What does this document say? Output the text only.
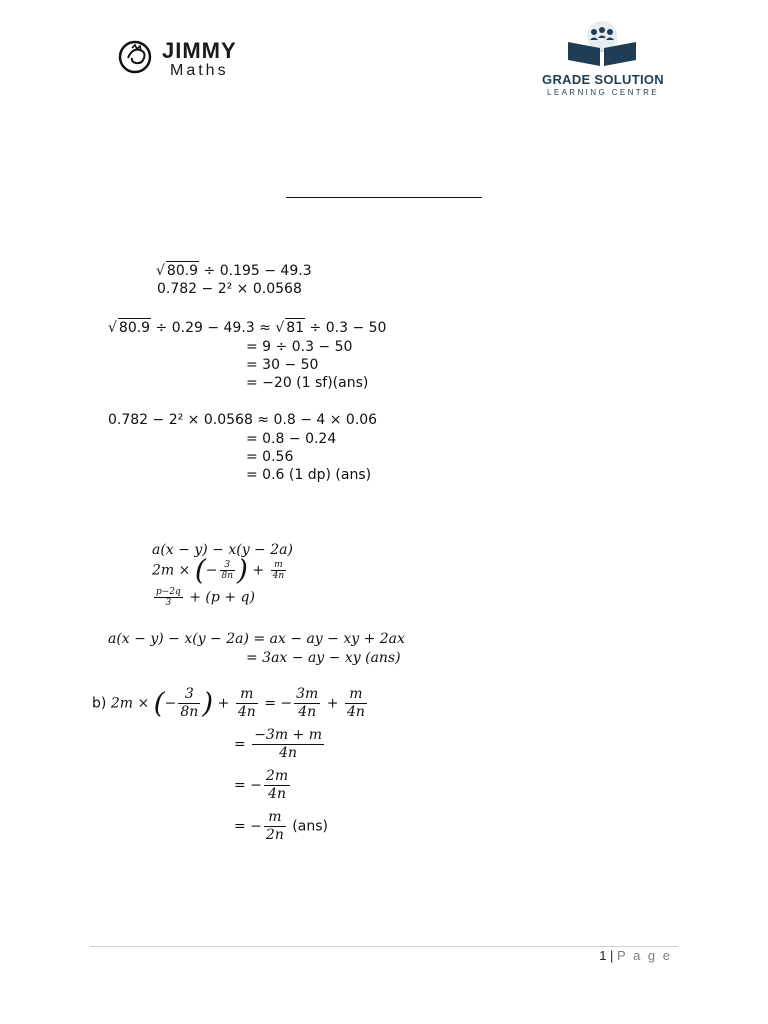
JIMMY
Maths
GRADE SOLUTION
LEARNING CENTRE
√ 80.9 ÷ 0.195 − 49.3
0.782 − 2² × 0.0568
√ 80.9 ÷ 0.29 − 49.3 ≈ √ 81 ÷ 0.3 − 50
= 9 ÷ 0.3 − 50
= 30 − 50
= −20 (1 sf)(ans)
0.782 − 2² × 0.0568 ≈ 0.8 − 4 × 0.06
= 0.8 − 0.24
= 0.56
= 0.6 (1 dp) (ans)
a(x − y) − x(y − 2a)
2m × (− $\frac{3}{8n}$ ) + $\frac{m}{4n}$
$\frac{p-2q}{3} + (p + q)$
a(x − y) − x(y − 2a) = ax − ay − xy + 2ax
= 3ax − ay − xy (ans)
b) 2m × (− $\frac{3}{8n}$ ) + $\frac{m}{4n}$ = − $\frac{3m}{4n} + \frac{m}{4n}$
= $\frac{-3m + m}{4n}$
= − $\frac{2m}{4n}$
= − $\frac{m}{2n} (ans)$
1 | P a g e
